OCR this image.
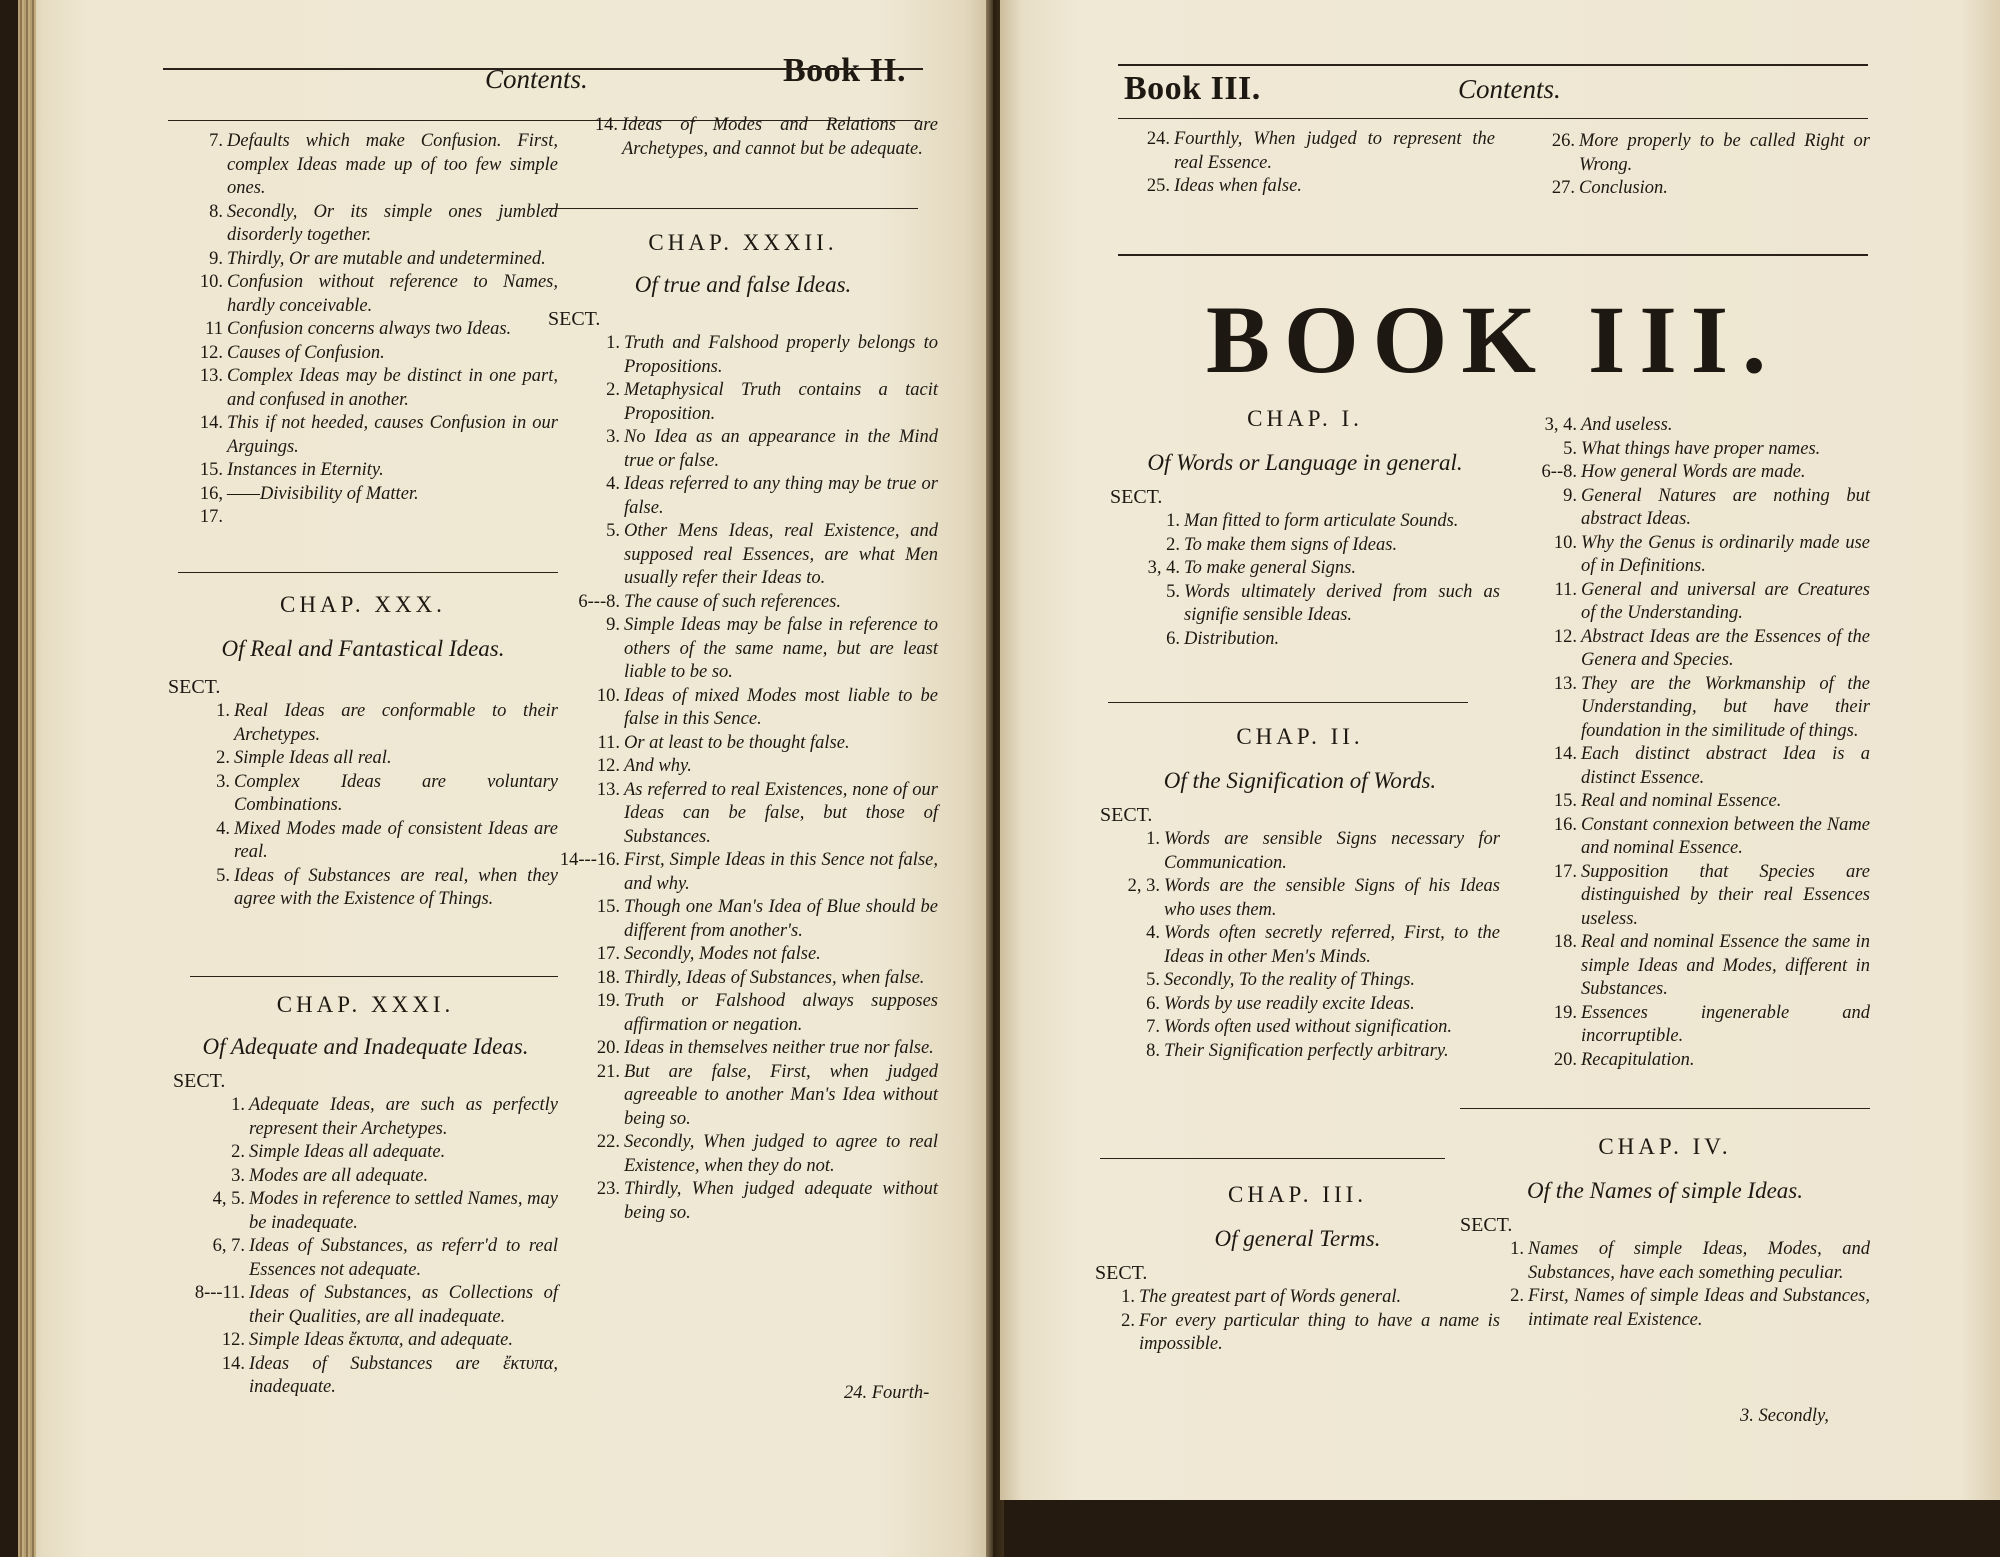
Contents.	Book II.
7. Defaults which make Confusion. First, complex Ideas made up of too few simple ones.
8. Secondly, Or its simple ones jumbled disorderly together.
9. Thirdly, Or are mutable and undetermined.
10. Confusion without reference to Names, hardly conceivable.
11 Confusion concerns always two Ideas.
12. Causes of Confusion.
13. Complex Ideas may be distinct in one part, and confused in another.
14. This if not heeded, causes Confusion in our Arguings.
15. Instances in Eternity.
16, 17.
——Divisibility of Matter.
CHAP. XXX.
Of Real and Fantastical Ideas.
SECT.
1. Real Ideas are conformable to their Archetypes.
2. Simple Ideas all real.
3. Complex Ideas are voluntary Combinations.
4. Mixed Modes made of consistent Ideas are real.
5. Ideas of Substances are real, when they agree with the Existence of Things.
CHAP. XXXI.
Of Adequate and Inadequate Ideas.
SECT.
1. Adequate Ideas, are such as perfectly represent their Archetypes.
2. Simple Ideas all adequate.
3. Modes are all adequate.
4, 5. Modes in reference to settled Names, may be inadequate.
6, 7. Ideas of Substances, as referr'd to real Essences not adequate.
8---11. Ideas of Substances, as Collections of their Qualities, are all inadequate.
12. Simple Ideas ἔκτυπα, and adequate.
14. Ideas of Substances are ἔκτυπα, inadequate.
14. Ideas of Modes and Relations are Archetypes, and cannot but be adequate.
CHAP. XXXII.
Of true and false Ideas.
SECT.
1. Truth and Falshood properly belongs to Propositions.
2. Metaphysical Truth contains a tacit Proposition.
3. No Idea as an appearance in the Mind true or false.
4. Ideas referred to any thing may be true or false.
5. Other Mens Ideas, real Existence, and supposed real Essences, are what Men usually refer their Ideas to.
6---8. The cause of such references.
9. Simple Ideas may be false in reference to others of the same name, but are least liable to be so.
10. Ideas of mixed Modes most liable to be false in this Sence.
11. Or at least to be thought false.
12. And why.
13. As referred to real Existences, none of our Ideas can be false, but those of Substances.
14---16. First, Simple Ideas in this Sence not false, and why.
15. Though one Man's Idea of Blue should be different from another's.
17. Secondly, Modes not false.
18. Thirdly, Ideas of Substances, when false.
19. Truth or Falshood always supposes affirmation or negation.
20. Ideas in themselves neither true nor false.
21. But are false, First, when judged agreeable to another Man's Idea without being so.
22. Secondly, When judged to agree to real Existence, when they do not.
23. Thirdly, When judged adequate without being so.
24. Fourth-
Book III.	Contents.
24. Fourthly, When judged to represent the real Essence.
25. Ideas when false.
26. More properly to be called Right or Wrong.
27. Conclusion.
BOOK III.
CHAP. I.
Of Words or Language in general.
SECT.
1. Man fitted to form articulate Sounds.
2. To make them signs of Ideas.
3, 4. To make general Signs.
5. Words ultimately derived from such as signifie sensible Ideas.
6. Distribution.
CHAP. II.
Of the Signification of Words.
SECT.
1. Words are sensible Signs necessary for Communication.
2, 3. Words are the sensible Signs of his Ideas who uses them.
4. Words often secretly referred, First, to the Ideas in other Men's Minds.
5. Secondly, To the reality of Things.
6. Words by use readily excite Ideas.
7. Words often used without signification.
8. Their Signification perfectly arbitrary.
CHAP. III.
Of general Terms.
SECT.
1. The greatest part of Words general.
2. For every particular thing to have a name is impossible.
3, 4. And useless.
5. What things have proper names.
6--8. How general Words are made.
9. General Natures are nothing but abstract Ideas.
10. Why the Genus is ordinarily made use of in Definitions.
11. General and universal are Creatures of the Understanding.
12. Abstract Ideas are the Essences of the Genera and Species.
13. They are the Workmanship of the Understanding, but have their foundation in the similitude of things.
14. Each distinct abstract Idea is a distinct Essence.
15. Real and nominal Essence.
16. Constant connexion between the Name and nominal Essence.
17. Supposition that Species are distinguished by their real Essences useless.
18. Real and nominal Essence the same in simple Ideas and Modes, different in Substances.
19. Essences ingenerable and incorruptible.
20. Recapitulation.
CHAP. IV.
Of the Names of simple Ideas.
SECT.
1. Names of simple Ideas, Modes, and Substances, have each something peculiar.
2. First, Names of simple Ideas and Substances, intimate real Existence.
3. Secondly,
